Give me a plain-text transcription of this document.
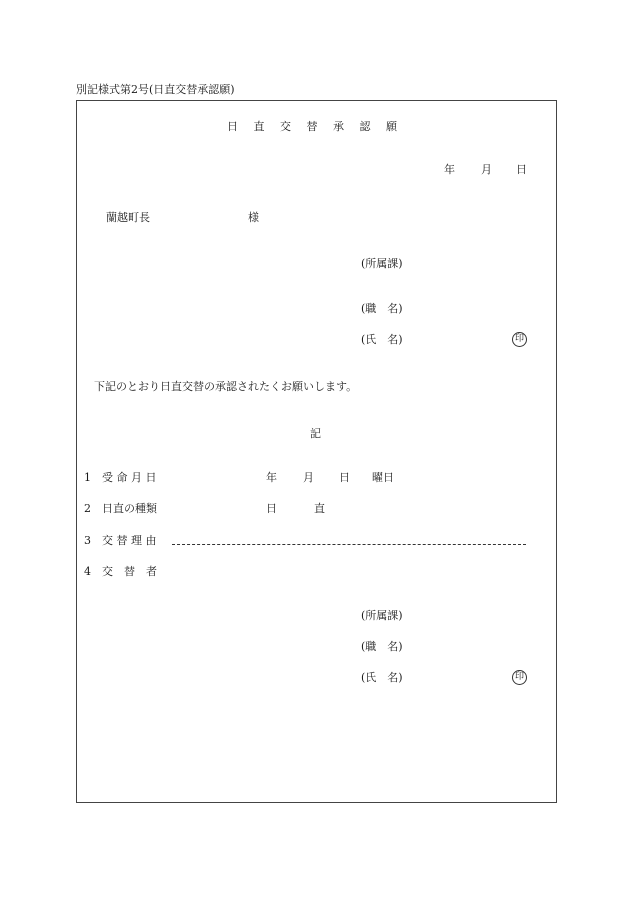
別記様式第2号(日直交替承認願)
日 直 交 替 承 認 願
年 月 日
蘭越町長	様
(所属課)
(職　名)
(氏　名)	印
下記のとおり日直交替の承認されたくお願いします。
記
1 受 命 月 日	年 月 日 曜日
2 日直の種類	日	直
3 交 替 理 由
4 交　替　者
(所属課)
(職　名)
(氏　名)	印
